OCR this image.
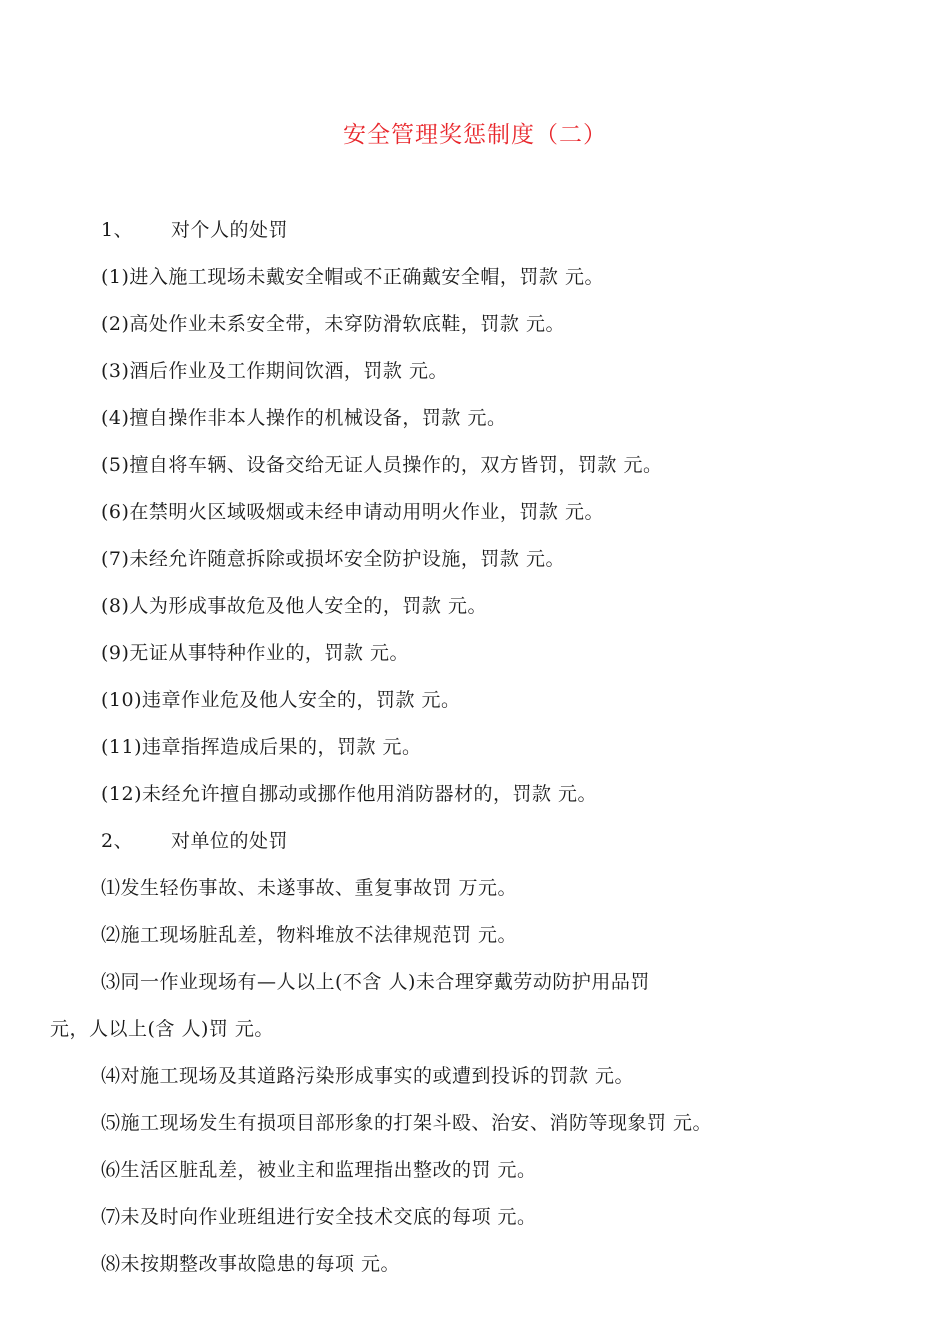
安全管理奖惩制度（二）
1、 对个人的处罚
(1)进入施工现场未戴安全帽或不正确戴安全帽，罚款 元。
(2)高处作业未系安全带，未穿防滑软底鞋，罚款 元。
(3)酒后作业及工作期间饮酒，罚款 元。
(4)擅自操作非本人操作的机械设备，罚款 元。
(5)擅自将车辆、设备交给无证人员操作的，双方皆罚，罚款 元。
(6)在禁明火区域吸烟或未经申请动用明火作业，罚款 元。
(7)未经允许随意拆除或损坏安全防护设施，罚款 元。
(8)人为形成事故危及他人安全的，罚款 元。
(9)无证从事特种作业的，罚款 元。
(10)违章作业危及他人安全的，罚款 元。
(11)违章指挥造成后果的，罚款 元。
(12)未经允许擅自挪动或挪作他用消防器材的，罚款 元。
2、 对单位的处罚
⑴发生轻伤事故、未遂事故、重复事故罚 万元。
⑵施工现场脏乱差，物料堆放不法律规范罚 元。
⑶同一作业现场有—人以上(不含 人)未合理穿戴劳动防护用品罚
元，人以上(含 人)罚 元。
⑷对施工现场及其道路污染形成事实的或遭到投诉的罚款 元。
⑸施工现场发生有损项目部形象的打架斗殴、治安、消防等现象罚 元。
⑹生活区脏乱差，被业主和监理指出整改的罚 元。
⑺未及时向作业班组进行安全技术交底的每项 元。
⑻未按期整改事故隐患的每项 元。
